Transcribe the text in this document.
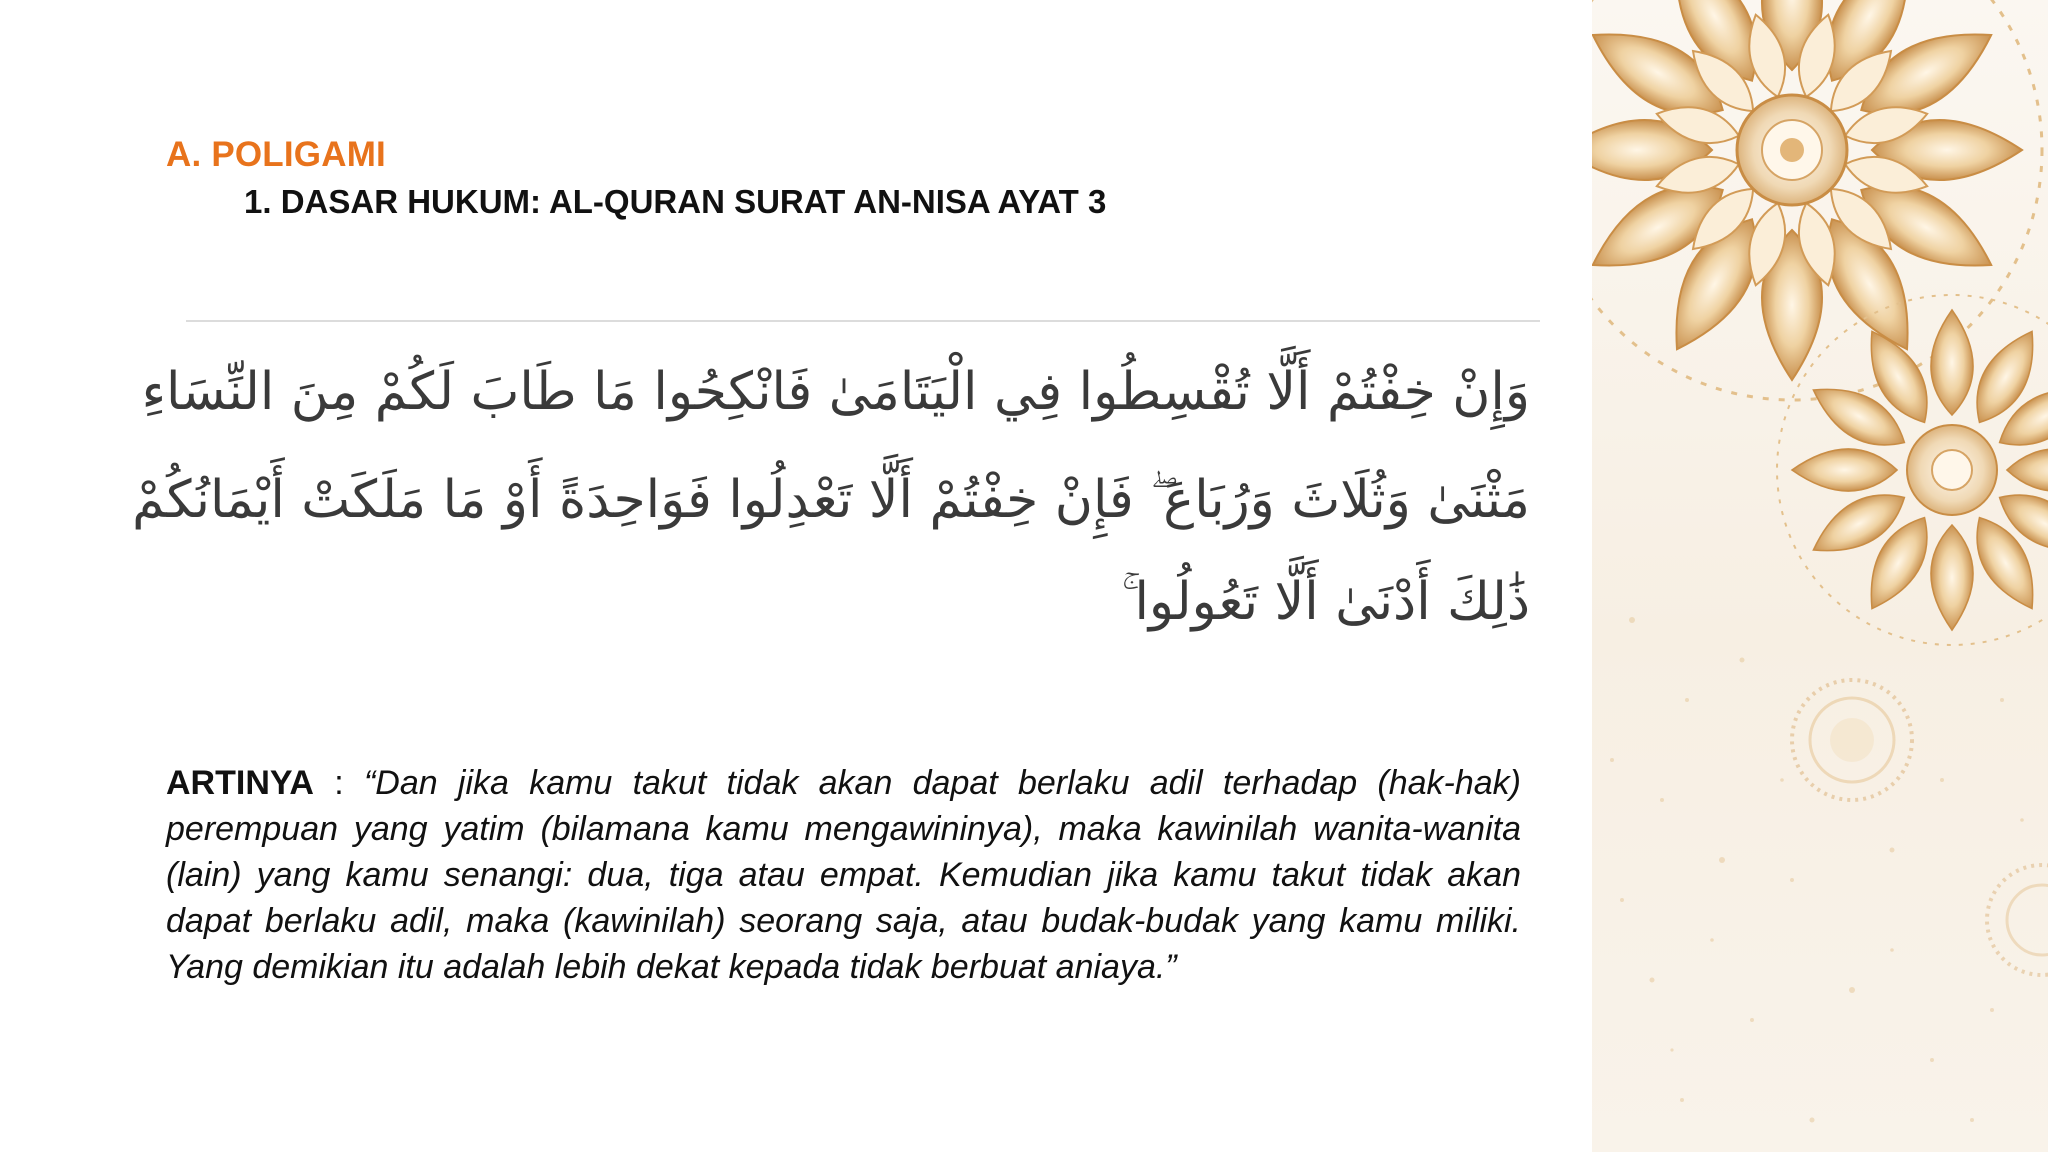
A. POLIGAMI
1. DASAR HUKUM: AL-QURAN SURAT AN-NISA AYAT 3
وَإِنْ خِفْتُمْ أَلَّا تُقْسِطُوا فِي الْيَتَامَىٰ فَانْكِحُوا مَا طَابَ لَكُمْ مِنَ النِّسَاءِ
مَثْنَىٰ وَثُلَاثَ وَرُبَاعَ ۖ فَإِنْ خِفْتُمْ أَلَّا تَعْدِلُوا فَوَاحِدَةً أَوْ مَا مَلَكَتْ أَيْمَانُكُمْ
ذَٰلِكَ أَدْنَىٰ أَلَّا تَعُولُوا ۚ
ARTINYA : “Dan jika kamu takut tidak akan dapat berlaku adil terhadap (hak-hak) perempuan yang yatim (bilamana kamu mengawininya), maka kawinilah wanita-wanita (lain) yang kamu senangi: dua, tiga atau empat. Kemudian jika kamu takut tidak akan dapat berlaku adil, maka (kawinilah) seorang saja, atau budak-budak yang kamu miliki. Yang demikian itu adalah lebih dekat kepada tidak berbuat aniaya.”
